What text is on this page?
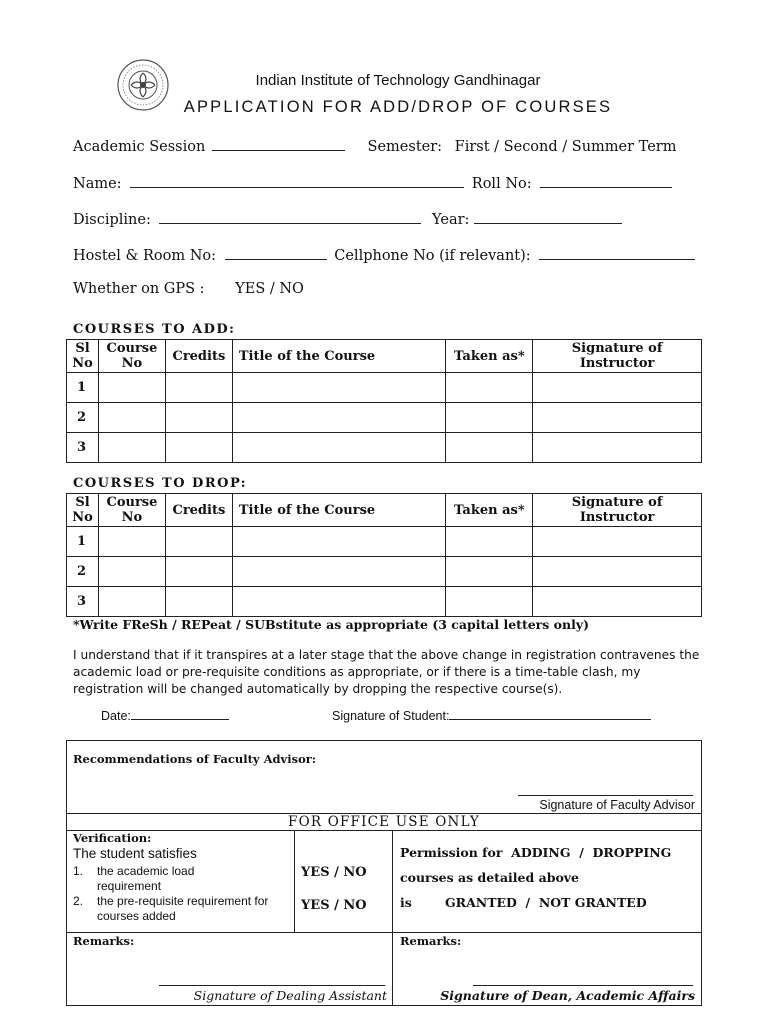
Indian Institute of Technology Gandhinagar
APPLICATION FOR ADD/DROP OF COURSES
Academic Session	Semester: First / Second / Summer Term
Name:	Roll No:
Discipline:	Year:
Hostel & Room No:	Cellphone No (if relevant):
Whether on GPS : YES / NO
COURSES TO ADD:
Sl No	Course No	Credits	Title of the Course	Taken as*	Signature of Instructor
1					
2					
3					
COURSES TO DROP:
Sl No	Course No	Credits	Title of the Course	Taken as*	Signature of Instructor
1					
2					
3					
*Write FReSh / REPeat / SUBstitute as appropriate (3 capital letters only)
I understand that if it transpires at a later stage that the above change in registration contravenes the academic load or pre-requisite conditions as appropriate, or if there is a time-table clash, my registration will be changed automatically by dropping the respective course(s).
Date:	Signature of Student:
Recommendations of Faculty Advisor:
Signature of Faculty Advisor
FOR OFFICE USE ONLY
Verification:
The student satisfies
1. the academic load requirement
2. the pre-requisite requirement for courses added
YES / NO
YES / NO
Permission for  ADDING  /  DROPPING
courses as detailed above
is	GRANTED  /  NOT GRANTED
Remarks:	Remarks:
Signature of Dealing Assistant	Signature of Dean, Academic Affairs
